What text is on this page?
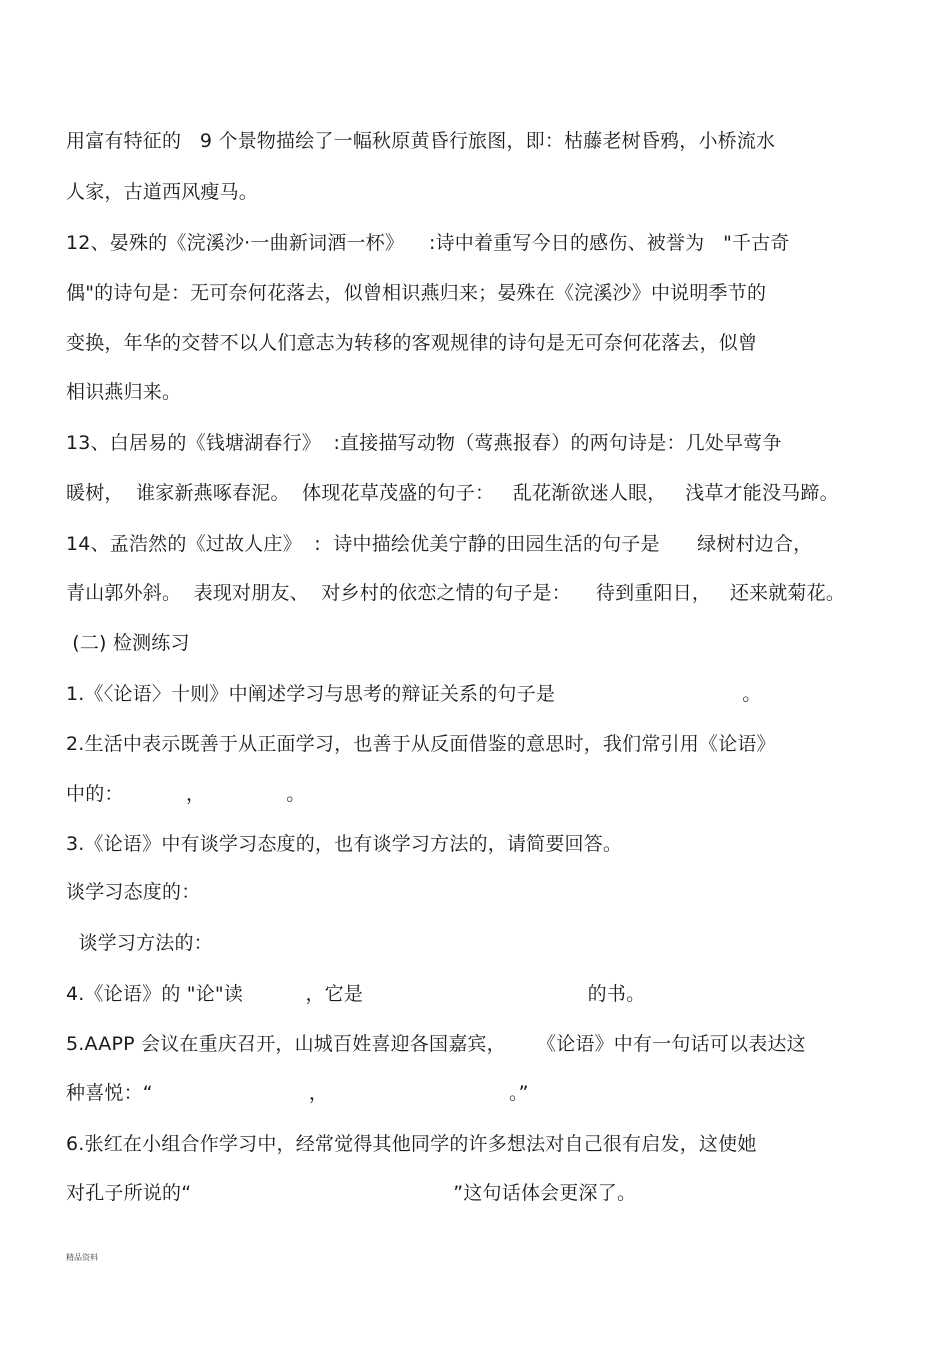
用富有特征的   9 个景物描绘了一幅秋原黄昏行旅图，即：枯藤老树昏鸦，小桥流水
人家，古道西风瘦马。
12、晏殊的《浣溪沙·一曲新词酒一杯》    :诗中着重写今日的感伤、被誉为   "千古奇
偶"的诗句是：无可奈何花落去，似曾相识燕归来；晏殊在《浣溪沙》中说明季节的
变换，年华的交替不以人们意志为转移的客观规律的诗句是无可奈何花落去，似曾
相识燕归来。
13、白居易的《钱塘湖春行》  :直接描写动物（莺燕报春）的两句诗是：几处早莺争
暖树，  谁家新燕啄春泥。  体现花草茂盛的句子：   乱花渐欲迷人眼，   浅草才能没马蹄。
14、孟浩然的《过故人庄》  :  诗中描绘优美宁静的田园生活的句子是      绿树村边合，
青山郭外斜。  表现对朋友、  对乡村的依恋之情的句子是：    待到重阳日，   还来就菊花。
(二) 检测练习
1.《〈论语〉十则》中阐述学习与思考的辩证关系的句子是                              。
2.生活中表示既善于从正面学习，也善于从反面借鉴的意思时，我们常引用《论语》
中的：          ，             。
3.《论语》中有谈学习态度的，也有谈学习方法的，请简要回答。
谈学习态度的：
谈学习方法的：
4.《论语》的 "论"读          ，它是                                    的书。
5.AAPP 会议在重庆召开，山城百姓喜迎各国嘉宾，     《论语》中有一句话可以表达这
种喜悦：“                         ，                             。”
6.张红在小组合作学习中，经常觉得其他同学的许多想法对自己很有启发，这使她
对孔子所说的“                                          ”这句话体会更深了。
精品资料
